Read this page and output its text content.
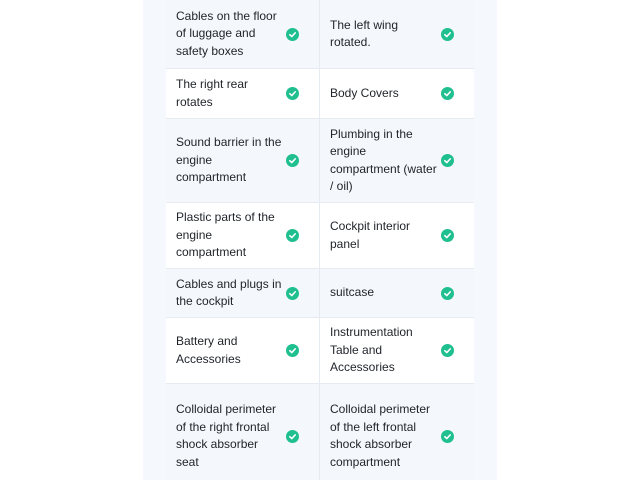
Cables on the floor of luggage and safety boxes
The left wing rotated.
The right rear rotates
Body Covers
Sound barrier in the engine compartment
Plumbing in the engine compartment (water / oil)
Plastic parts of the engine compartment
Cockpit interior panel
Cables and plugs in the cockpit
suitcase
Battery and Accessories
Instrumentation Table and Accessories
Colloidal perimeter of the right frontal shock absorber seat
Colloidal perimeter of the left frontal shock absorber compartment
